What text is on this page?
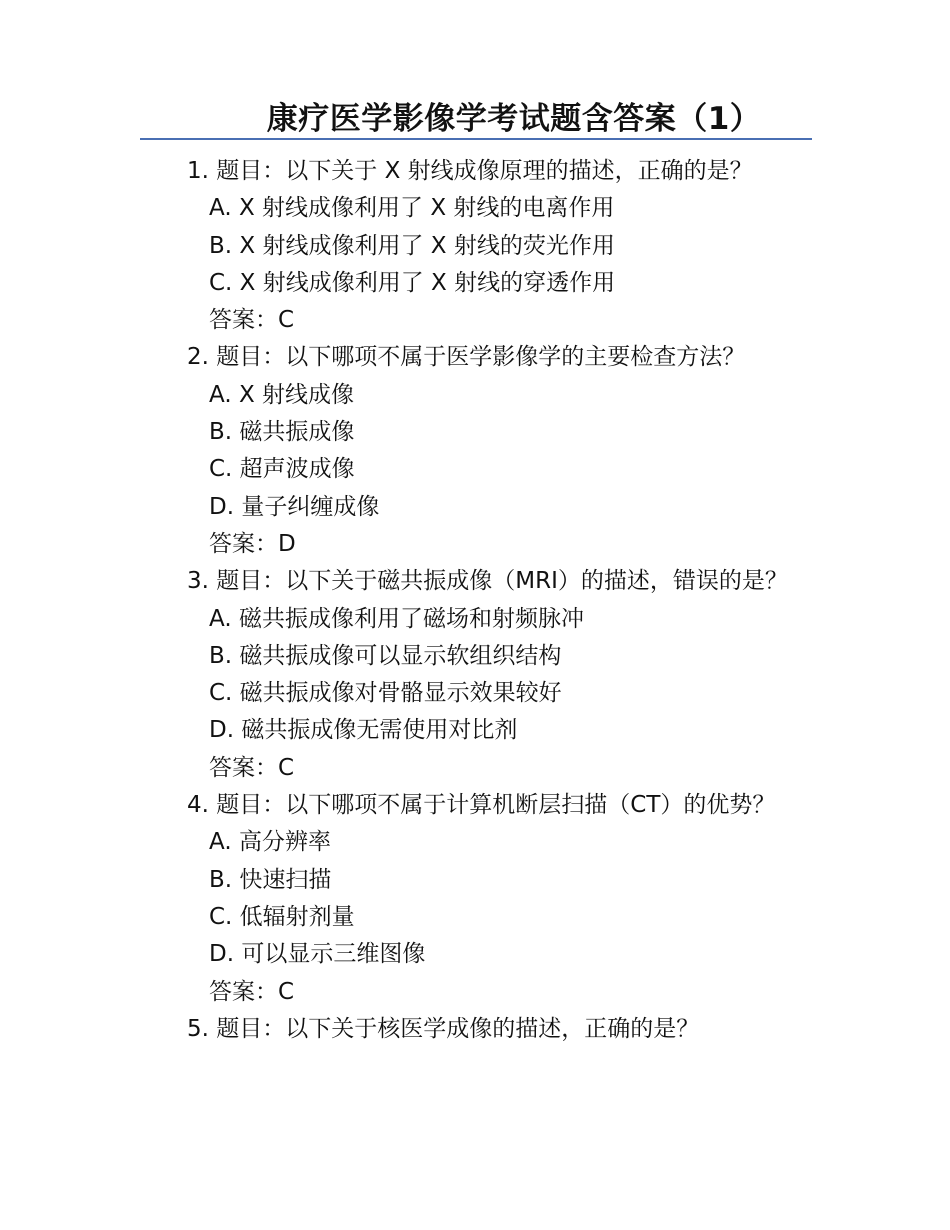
康疗医学影像学考试题含答案（1）

1. 题目：以下关于 X 射线成像原理的描述，正确的是？

A. X 射线成像利用了 X 射线的电离作用

B. X 射线成像利用了 X 射线的荧光作用

C. X 射线成像利用了 X 射线的穿透作用

答案：C

2. 题目：以下哪项不属于医学影像学的主要检查方法？

A. X 射线成像

B. 磁共振成像

C. 超声波成像

D. 量子纠缠成像

答案：D

3. 题目：以下关于磁共振成像（MRI）的描述，错误的是？

A. 磁共振成像利用了磁场和射频脉冲

B. 磁共振成像可以显示软组织结构

C. 磁共振成像对骨骼显示效果较好

D. 磁共振成像无需使用对比剂

答案：C

4. 题目：以下哪项不属于计算机断层扫描（CT）的优势？

A. 高分辨率

B. 快速扫描

C. 低辐射剂量

D. 可以显示三维图像

答案：C

5. 题目：以下关于核医学成像的描述，正确的是？
